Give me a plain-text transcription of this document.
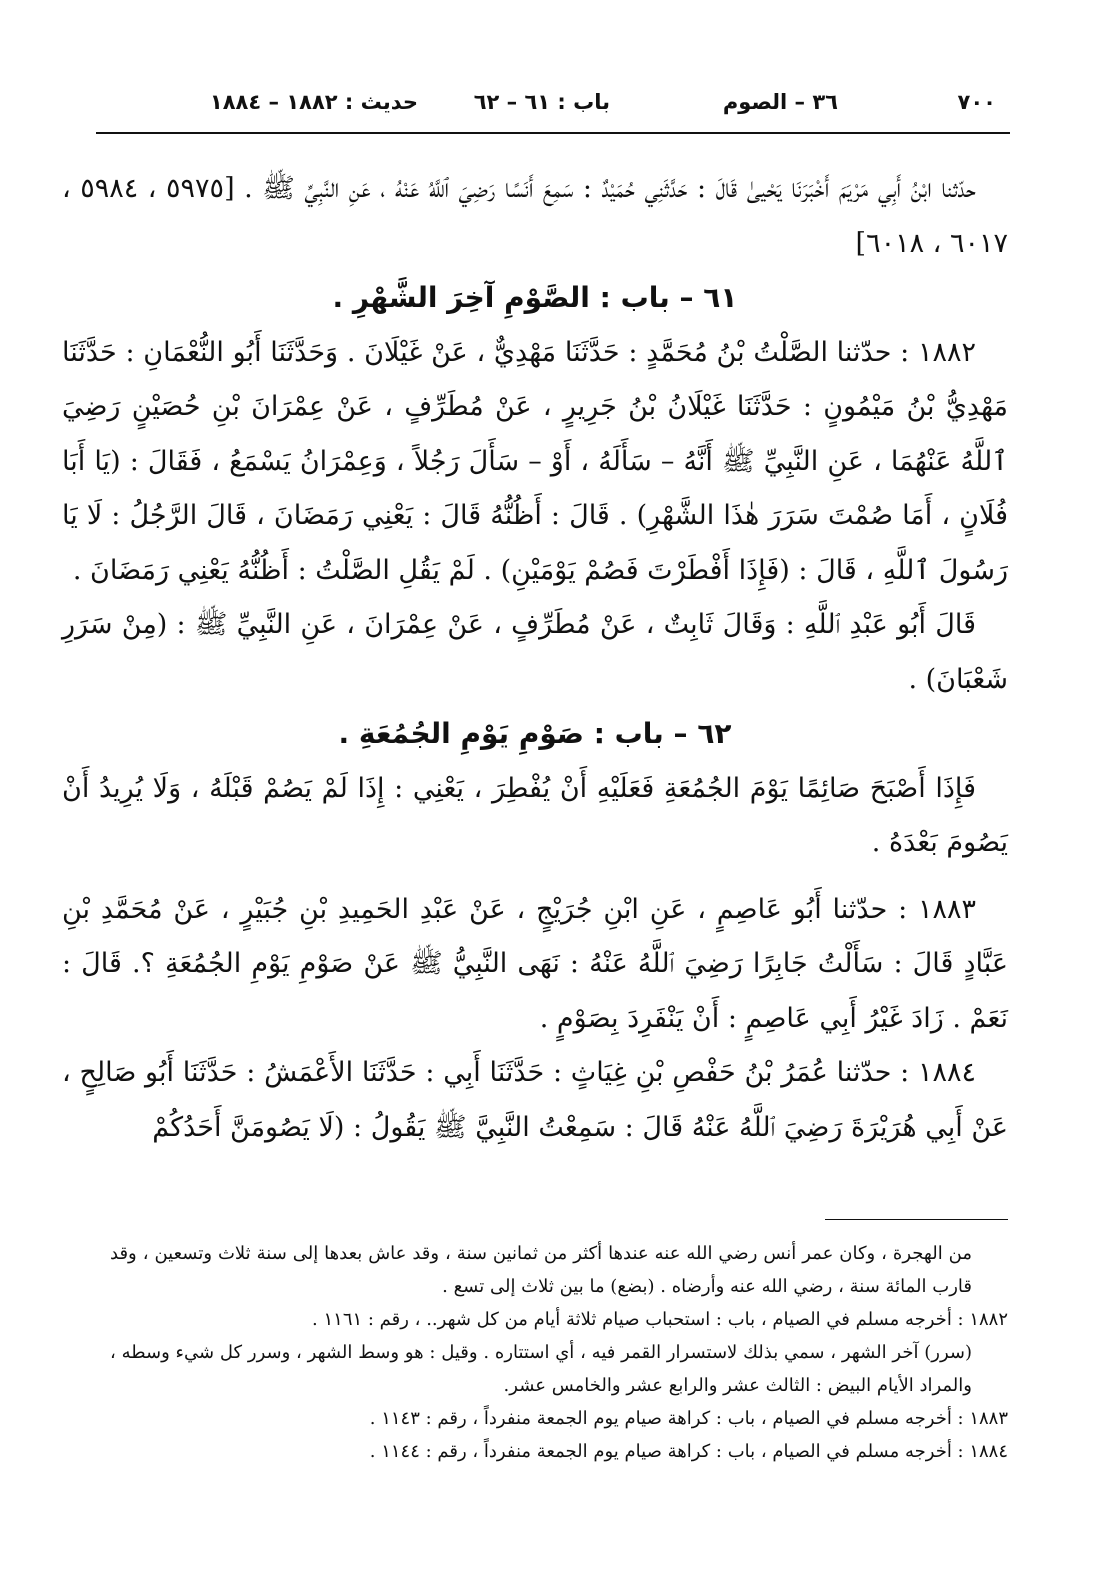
٧٠٠
٣٦ – الصوم
باب : ٦١ – ٦٢
حديث : ١٨٨٢ – ١٨٨٤

حدّثنا ابْنُ أَبِي مَرْيَمَ أَخْبَرَنَا يَحْيىٰ قَالَ : حَدَّثَنِي حُمَيْدٌ : سَمِعَ أَنَسًا رَضِيَ ٱللَّهُ عَنْهُ ، عَنِ النَّبِيِّ ﷺ . [٥٩٧٥ ، ٥٩٨٤ ، ٦٠١٧ ، ٦٠١٨]

٦١ – باب : الصَّوْمِ آخِرَ الشَّهْرِ .

١٨٨٢ : حدّثنا الصَّلْتُ بْنُ مُحَمَّدٍ : حَدَّثَنَا مَهْدِيٌّ ، عَنْ غَيْلَانَ . وَحَدَّثَنَا أَبُو النُّعْمَانِ : حَدَّثَنَا مَهْدِيُّ بْنُ مَيْمُونٍ : حَدَّثَنَا غَيْلَانُ بْنُ جَرِيرٍ ، عَنْ مُطَرِّفٍ ، عَنْ عِمْرَانَ بْنِ حُصَيْنٍ رَضِيَ ٱللَّهُ عَنْهُمَا ، عَنِ النَّبِيِّ ﷺ أَنَّهُ – سَأَلَهُ ، أَوْ – سَأَلَ رَجُلاً ، وَعِمْرَانُ يَسْمَعُ ، فَقَالَ : (يَا أَبَا فُلَانٍ ، أَمَا صُمْتَ سَرَرَ هٰذَا الشَّهْرِ) . قَالَ : أَظُنُّهُ قَالَ : يَعْنِي رَمَضَانَ ، قَالَ الرَّجُلُ : لَا يَا رَسُولَ ٱللَّهِ ، قَالَ : (فَإِذَا أَفْطَرْتَ فَصُمْ يَوْمَيْنِ) . لَمْ يَقُلِ الصَّلْتُ : أَظُنُّهُ يَعْنِي رَمَضَانَ .

قَالَ أَبُو عَبْدِ ٱللَّهِ : وَقَالَ ثَابِتٌ ، عَنْ مُطَرِّفٍ ، عَنْ عِمْرَانَ ، عَنِ النَّبِيِّ ﷺ : (مِنْ سَرَرِ شَعْبَانَ) .

٦٢ – باب : صَوْمِ يَوْمِ الجُمُعَةِ .

فَإِذَا أَصْبَحَ صَائِمًا يَوْمَ الجُمُعَةِ فَعَلَيْهِ أَنْ يُفْطِرَ ، يَعْنِي : إِذَا لَمْ يَصُمْ قَبْلَهُ ، وَلَا يُرِيدُ أَنْ يَصُومَ بَعْدَهُ .

١٨٨٣ : حدّثنا أَبُو عَاصِمٍ ، عَنِ ابْنِ جُرَيْجٍ ، عَنْ عَبْدِ الحَمِيدِ بْنِ جُبَيْرٍ ، عَنْ مُحَمَّدِ بْنِ عَبَّادٍ قَالَ : سَأَلْتُ جَابِرًا رَضِيَ ٱللَّهُ عَنْهُ : نَهَى النَّبِيُّ ﷺ عَنْ صَوْمِ يَوْمِ الجُمُعَةِ ؟. قَالَ : نَعَمْ . زَادَ غَيْرُ أَبِي عَاصِمٍ : أَنْ يَنْفَرِدَ بِصَوْمٍ .

١٨٨٤ : حدّثنا عُمَرُ بْنُ حَفْصِ بْنِ غِيَاثٍ : حَدَّثَنَا أَبِي : حَدَّثَنَا الأَعْمَشُ : حَدَّثَنَا أَبُو صَالِحٍ ، عَنْ أَبِي هُرَيْرَةَ رَضِيَ ٱللَّهُ عَنْهُ قَالَ : سَمِعْتُ النَّبِيَّ ﷺ يَقُولُ : (لَا يَصُومَنَّ أَحَدُكُمْ

من الهجرة ، وكان عمر أنس رضي الله عنه عندها أكثر من ثمانين سنة ، وقد عاش بعدها إلى سنة ثلاث وتسعين ، وقد قارب المائة سنة ، رضي الله عنه وأرضاه . (بضع) ما بين ثلاث إلى تسع .

١٨٨٢ : أخرجه مسلم في الصيام ، باب : استحباب صيام ثلاثة أيام من كل شهر.. ، رقم : ١١٦١ .

(سرر) آخر الشهر ، سمي بذلك لاستسرار القمر فيه ، أي استتاره . وقيل : هو وسط الشهر ، وسرر كل شيء وسطه ، والمراد الأيام البيض : الثالث عشر والرابع عشر والخامس عشر.

١٨٨٣ : أخرجه مسلم في الصيام ، باب : كراهة صيام يوم الجمعة منفرداً ، رقم : ١١٤٣ .

١٨٨٤ : أخرجه مسلم في الصيام ، باب : كراهة صيام يوم الجمعة منفرداً ، رقم : ١١٤٤ .
